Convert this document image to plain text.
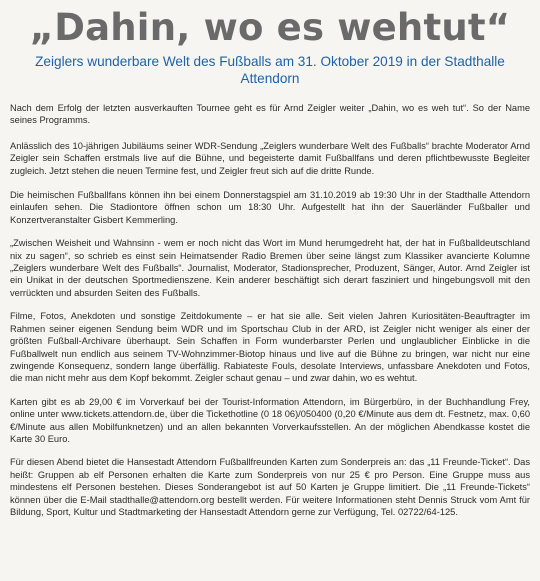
„Dahin, wo es wehtut“
Zeiglers wunderbare Welt des Fußballs am 31. Oktober 2019 in der Stadthalle Attendorn

Nach dem Erfolg der letzten ausverkauften Tournee geht es für Arnd Zeigler weiter „Dahin, wo es weh tut“. So der Name seines Programms.

Anlässlich des 10-jährigen Jubiläums seiner WDR-Sendung „Zeiglers wunderbare Welt des Fußballs“ brachte Moderator Arnd Zeigler sein Schaffen erstmals live auf die Bühne, und begeisterte damit Fußballfans und deren pflichtbewusste Begleiter zugleich. Jetzt stehen die neuen Termine fest, und Zeigler freut sich auf die dritte Runde.

Die heimischen Fußballfans können ihn bei einem Donnerstagspiel am 31.10.2019 ab 19:30 Uhr in der Stadthalle Attendorn einlaufen sehen. Die Stadiontore öffnen schon um 18:30 Uhr. Aufgestellt hat ihn der Sauerländer Fußballer und Konzertveranstalter Gisbert Kemmerling.

„Zwischen Weisheit und Wahnsinn - wem er noch nicht das Wort im Mund herumgedreht hat, der hat in Fußballdeutschland nix zu sagen“, so schrieb es einst sein Heimatsender Radio Bremen über seine längst zum Klassiker avancierte Kolumne „Zeiglers wunderbare Welt des Fußballs“. Journalist, Moderator, Stadionsprecher, Produzent, Sänger, Autor. Arnd Zeigler ist ein Unikat in der deutschen Sportmedienszene. Kein anderer beschäftigt sich derart fasziniert und hingebungsvoll mit den verrückten und absurden Seiten des Fußballs.

Filme, Fotos, Anekdoten und sonstige Zeitdokumente – er hat sie alle. Seit vielen Jahren Kuriositäten-Beauftragter im Rahmen seiner eigenen Sendung beim WDR und im Sportschau Club in der ARD, ist Zeigler nicht weniger als einer der größten Fußball-Archivare überhaupt. Sein Schaffen in Form wunderbarster Perlen und unglaublicher Einblicke in die Fußballwelt nun endlich aus seinem TV-Wohnzimmer-Biotop hinaus und live auf die Bühne zu bringen, war nicht nur eine zwingende Konsequenz, sondern lange überfällig. Rabiateste Fouls, desolate Interviews, unfassbare Anekdoten und Fotos, die man nicht mehr aus dem Kopf bekommt. Zeigler schaut genau – und zwar dahin, wo es wehtut.

Karten gibt es ab 29,00 € im Vorverkauf bei der Tourist-Information Attendorn, im Bürgerbüro, in der Buchhandlung Frey, online unter www.tickets.attendorn.de, über die Tickethotline (0 18 06)/050400 (0,20 €/Minute aus dem dt. Festnetz, max. 0,60 €/Minute aus allen Mobilfunknetzen) und an allen bekannten Vorverkaufsstellen. An der möglichen Abendkasse kostet die Karte 30 Euro.

Für diesen Abend bietet die Hansestadt Attendorn Fußballfreunden Karten zum Sonderpreis an: das „11 Freunde-Ticket“. Das heißt: Gruppen ab elf Personen erhalten die Karte zum Sonderpreis von nur 25 € pro Person. Eine Gruppe muss aus mindestens elf Personen bestehen. Dieses Sonderangebot ist auf 50 Karten je Gruppe limitiert. Die „11 Freunde-Tickets“ können über die E-Mail stadthalle@attendorn.org bestellt werden. Für weitere Informationen steht Dennis Struck vom Amt für Bildung, Sport, Kultur und Stadtmarketing der Hansestadt Attendorn gerne zur Verfügung, Tel. 02722/64-125.
